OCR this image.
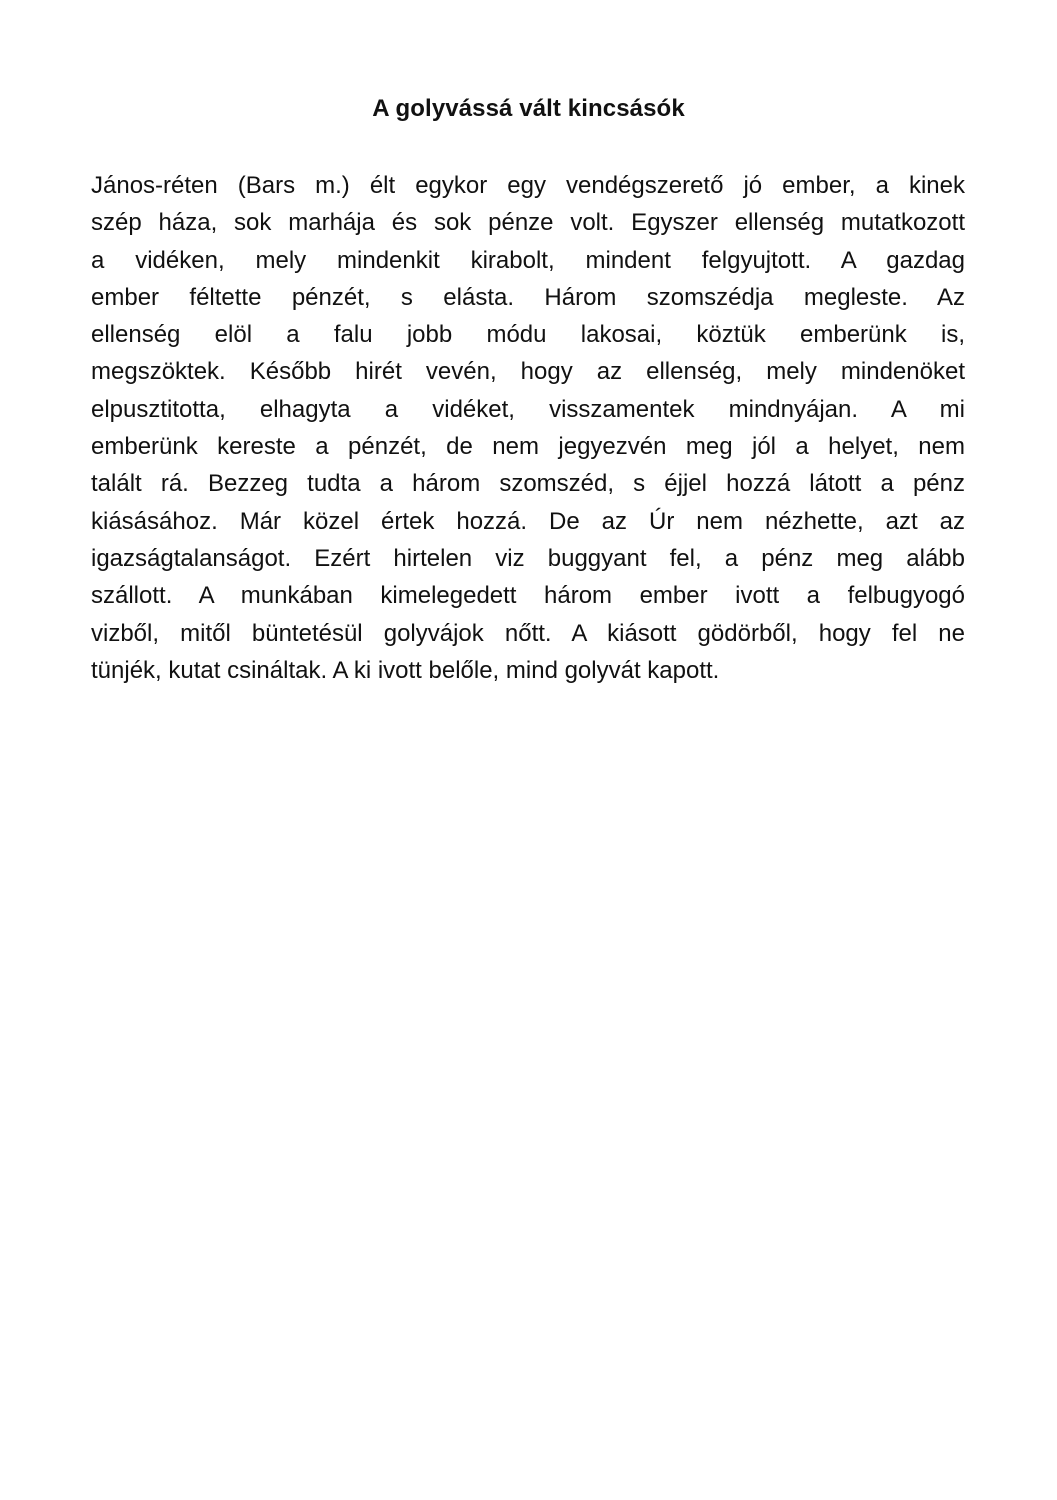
A golyvássá vált kincsásók
János-réten (Bars m.) élt egykor egy vendégszerető jó ember, a kinek
szép háza, sok marhája és sok pénze volt. Egyszer ellenség mutatkozott
a vidéken, mely mindenkit kirabolt, mindent felgyujtott. A gazdag
ember féltette pénzét, s elásta. Három szomszédja megleste. Az
ellenség elöl a falu jobb módu lakosai, köztük emberünk is,
megszöktek. Később hirét vevén, hogy az ellenség, mely mindenöket
elpusztitotta, elhagyta a vidéket, visszamentek mindnyájan. A mi
emberünk kereste a pénzét, de nem jegyezvén meg jól a helyet, nem
talált rá. Bezzeg tudta a három szomszéd, s éjjel hozzá látott a pénz
kiásásához. Már közel értek hozzá. De az Úr nem nézhette, azt az
igazságtalanságot. Ezért hirtelen viz buggyant fel, a pénz meg alább
szállott. A munkában kimelegedett három ember ivott a felbugyogó
vizből, mitől büntetésül golyvájok nőtt. A kiásott gödörből, hogy fel ne
tünjék, kutat csináltak. A ki ivott belőle, mind golyvát kapott.
